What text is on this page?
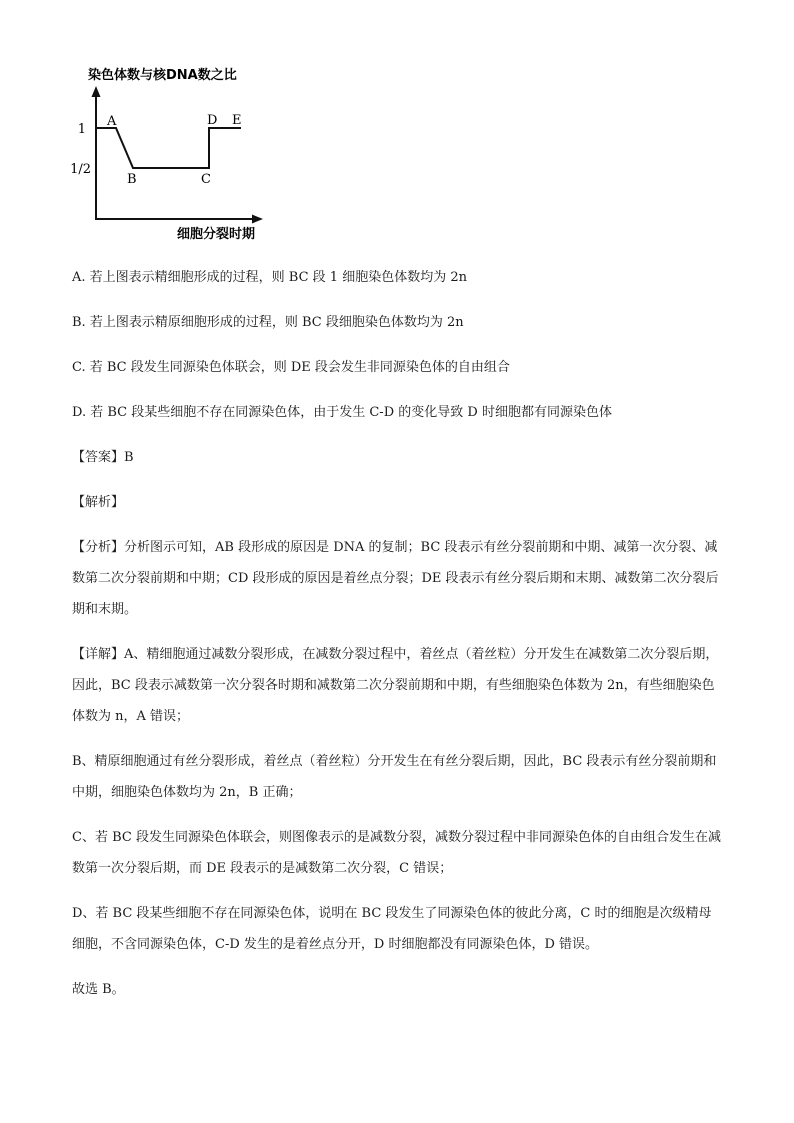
染色体数与核DNA数之比
1
1/2
A
B	C
D E
细胞分裂时期

A. 若上图表示精细胞形成的过程，则 BC 段 1 细胞染色体数均为 2n

B. 若上图表示精原细胞形成的过程，则 BC 段细胞染色体数均为 2n

C. 若 BC 段发生同源染色体联会，则 DE 段会发生非同源染色体的自由组合

D. 若 BC 段某些细胞不存在同源染色体，由于发生 C-D 的变化导致 D 时细胞都有同源染色体

【答案】B

【解析】

【分析】分析图示可知，AB 段形成的原因是 DNA 的复制；BC 段表示有丝分裂前期和中期、减第一次分裂、减数第二次分裂前期和中期；CD 段形成的原因是着丝点分裂；DE 段表示有丝分裂后期和末期、减数第二次分裂后期和末期。

【详解】A、精细胞通过减数分裂形成，在减数分裂过程中，着丝点（着丝粒）分开发生在减数第二次分裂后期，因此，BC 段表示减数第一次分裂各时期和减数第二次分裂前期和中期，有些细胞染色体数为 2n，有些细胞染色体数为 n，A 错误；

B、精原细胞通过有丝分裂形成，着丝点（着丝粒）分开发生在有丝分裂后期，因此，BC 段表示有丝分裂前期和中期，细胞染色体数均为 2n，B 正确；

C、若 BC 段发生同源染色体联会，则图像表示的是减数分裂，减数分裂过程中非同源染色体的自由组合发生在减数第一次分裂后期，而 DE 段表示的是减数第二次分裂，C 错误；

D、若 BC 段某些细胞不存在同源染色体，说明在 BC 段发生了同源染色体的彼此分离，C 时的细胞是次级精母细胞，不含同源染色体，C-D 发生的是着丝点分开，D 时细胞都没有同源染色体，D 错误。

故选 B。
